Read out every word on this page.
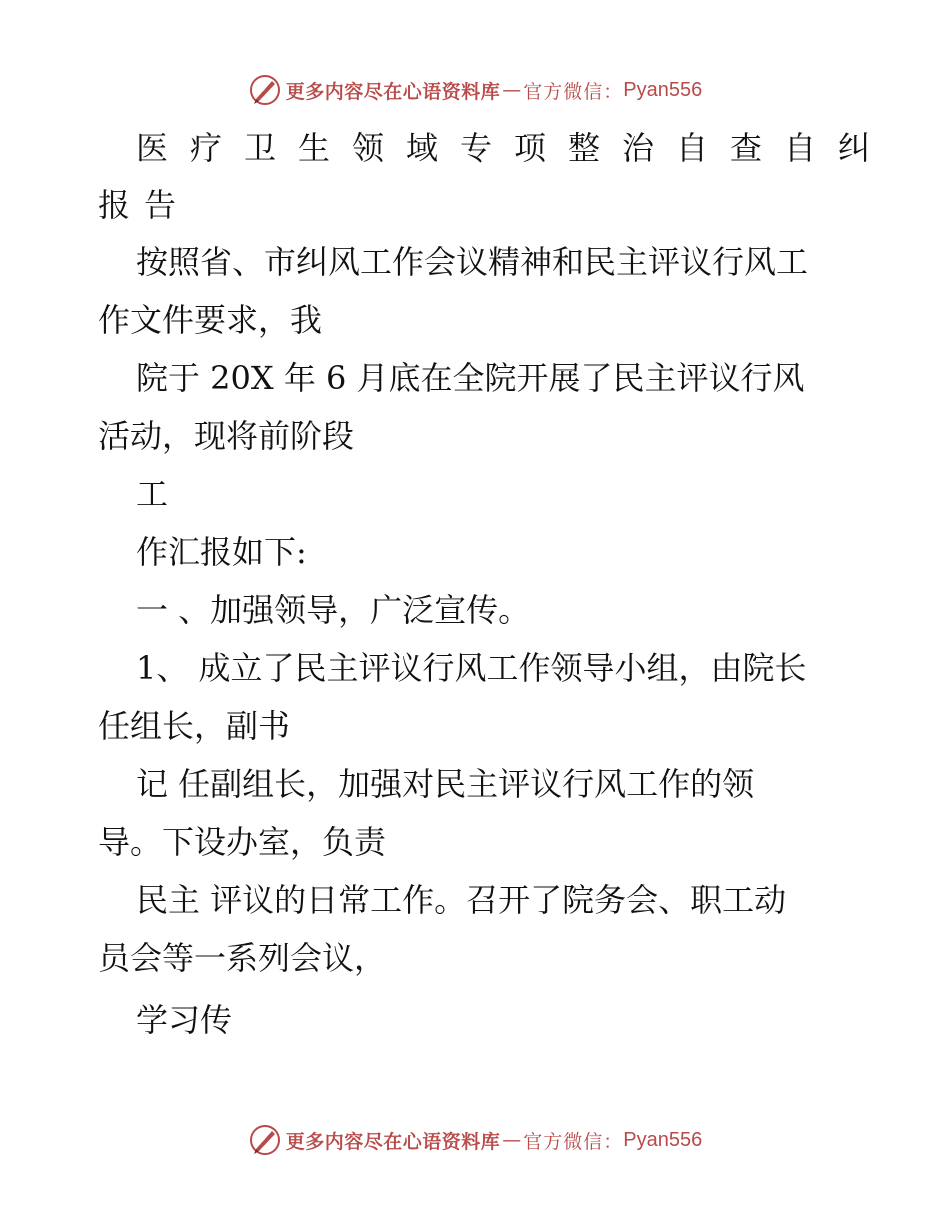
更多内容尽在心语资料库 — 官方微信： Pyan556
医疗卫生领域专项整治自查自纠
报告
按照省、市纠风工作会议精神和民主评议行风工
作文件要求，我
院于 20X 年 6 月底在全院开展了民主评议行风
活动，现将前阶段
工
作汇报如下:
一 、加强领导，广泛宣传。
1、 成立了民主评议行风工作领导小组，由院长
任组长，副书
记 任副组长，加强对民主评议行风工作的领
导。下设办室，负责
民主 评议的日常工作。召开了院务会、职工动
员会等一系列会议，
学习传
更多内容尽在心语资料库 — 官方微信： Pyan556
